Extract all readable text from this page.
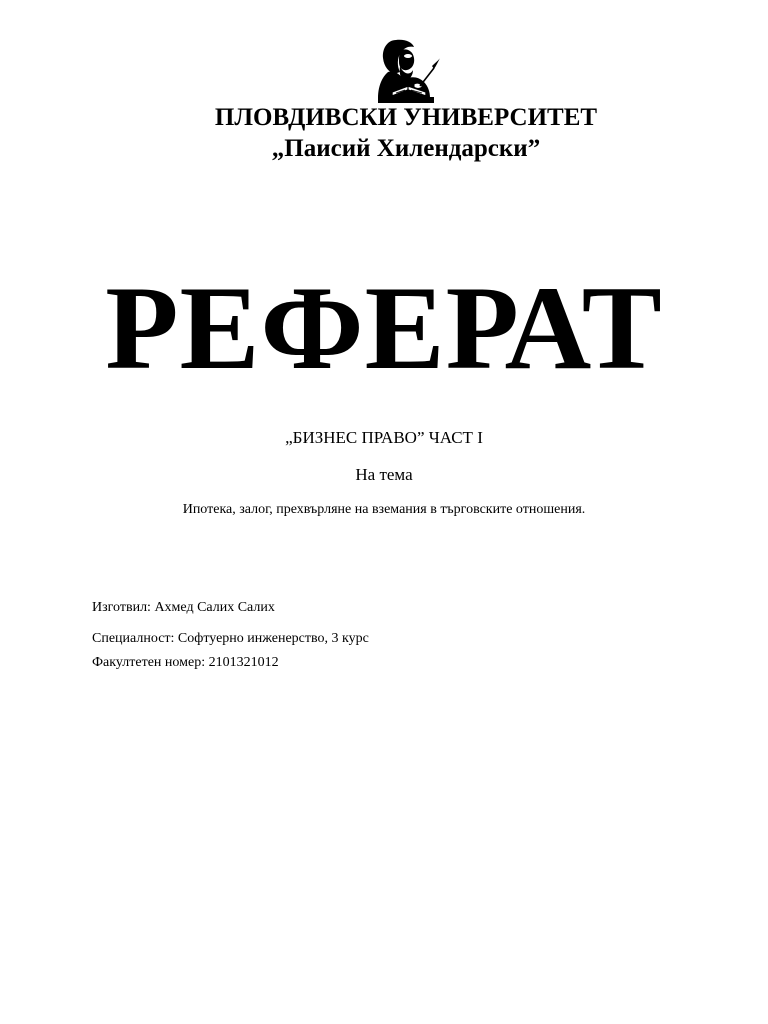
ПЛОВДИВСКИ УНИВЕРСИТЕТ
„Паисий Хилендарски”
РЕФЕРАТ
„БИЗНЕС ПРАВО” ЧАСТ I
На тема
Ипотека, залог, прехвърляне на вземания в търговските отношения.
Изготвил: Ахмед Салих Салих
Специалност: Софтуерно инженерство, 3 курс
Факултетен номер: 2101321012
